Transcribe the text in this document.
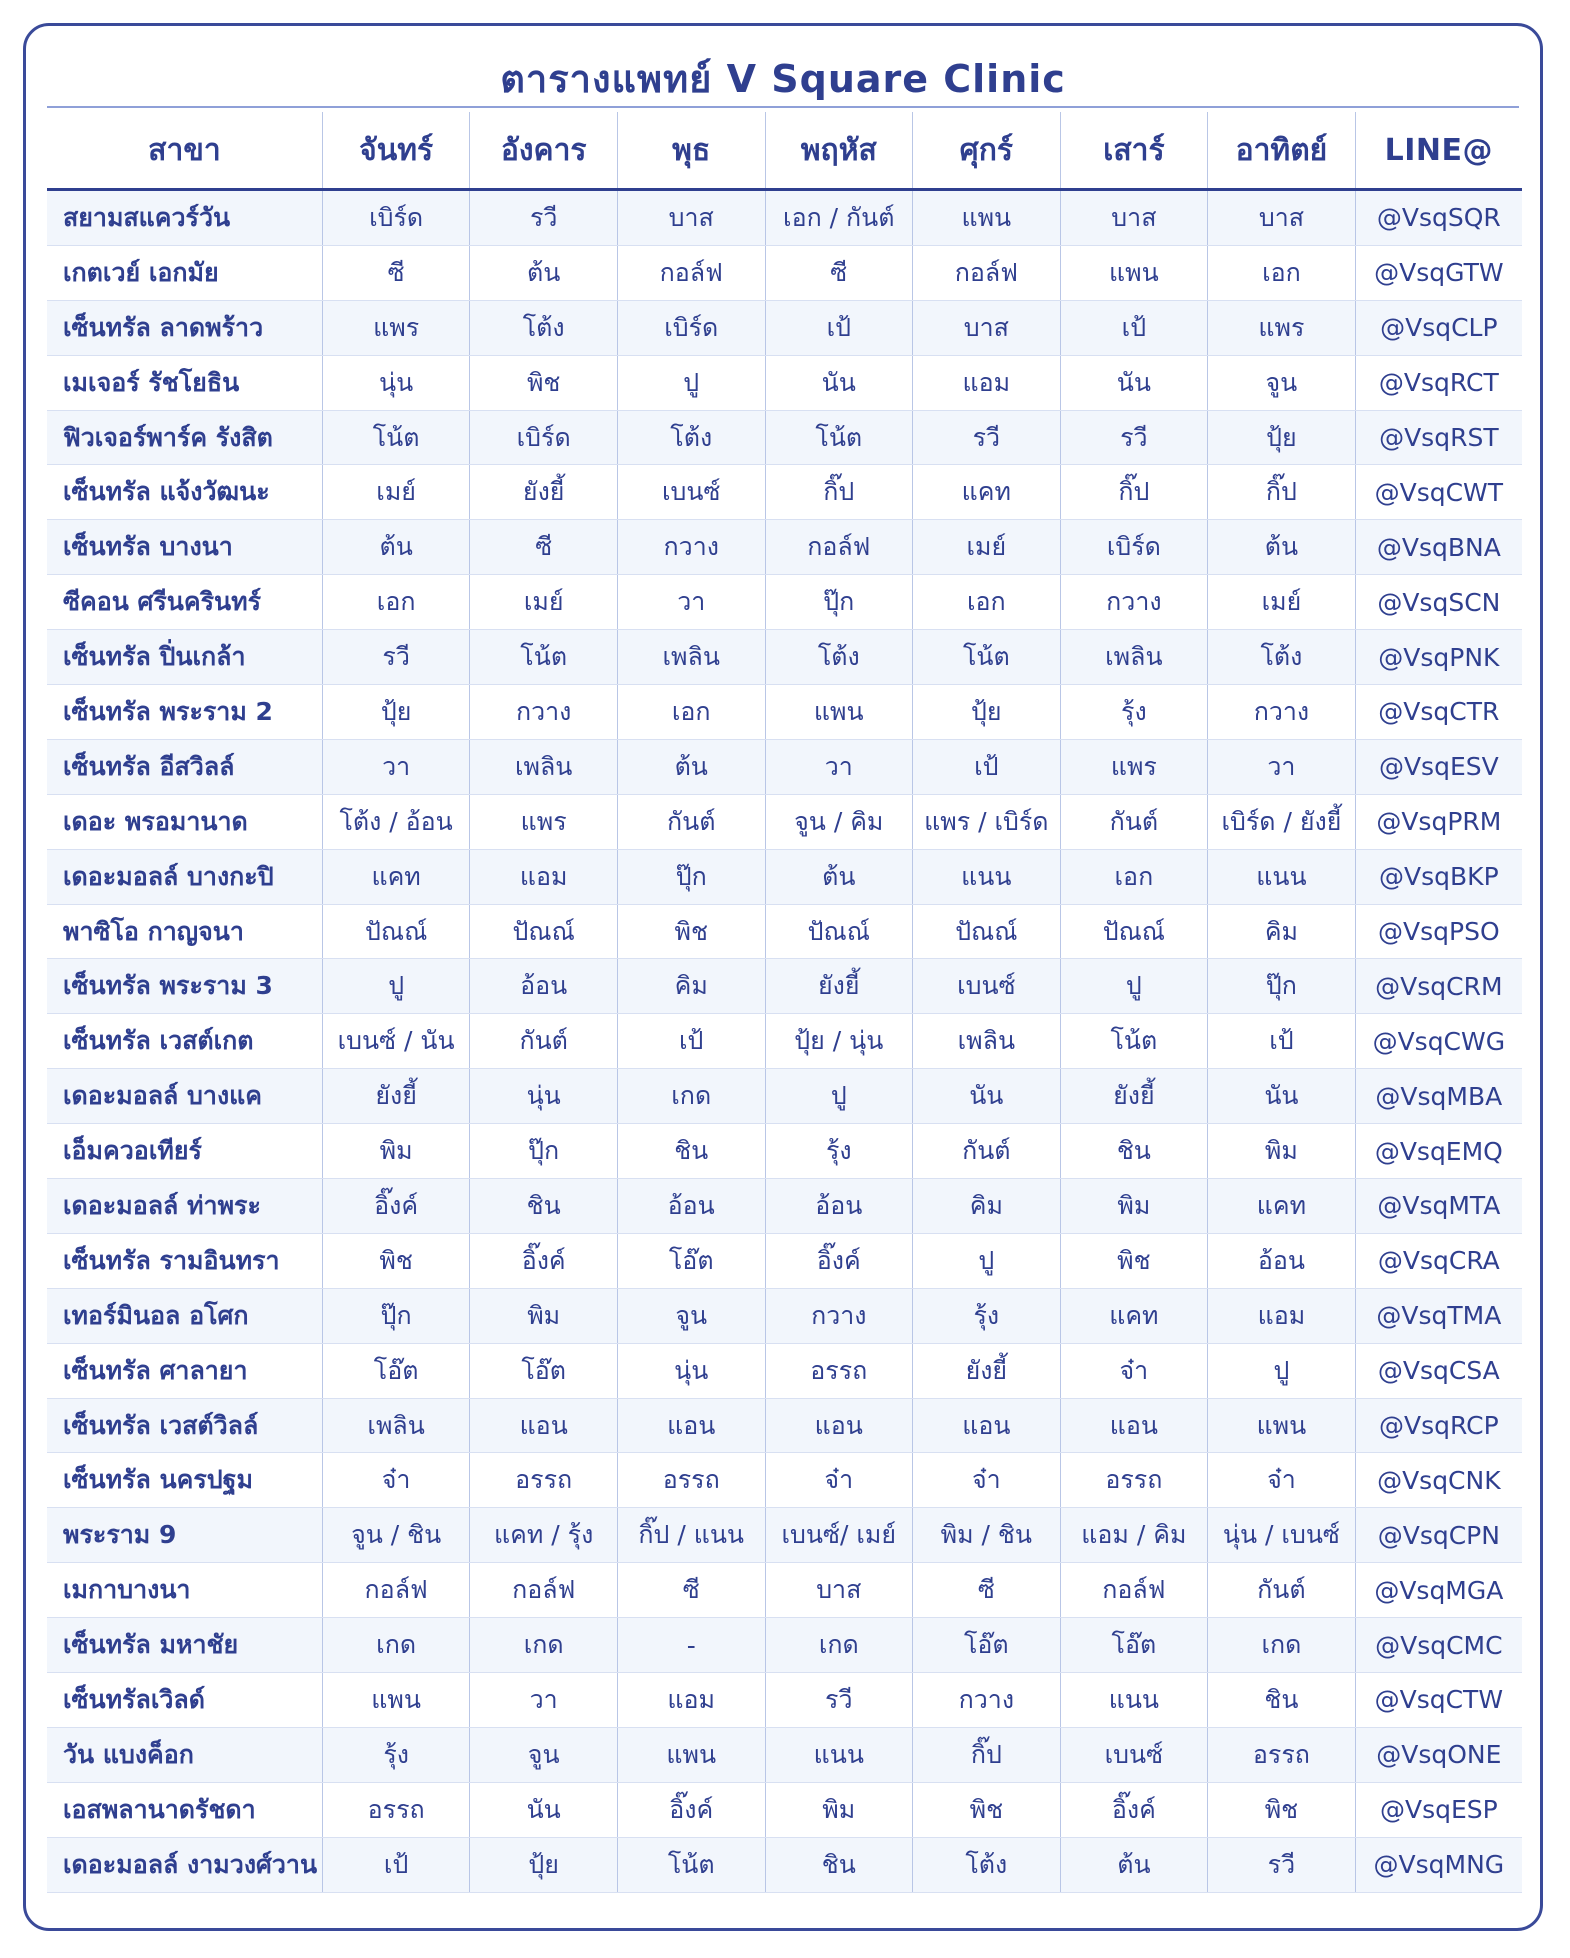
ตารางแพทย์ V Square Clinic
สาขา	จันทร์	อังคาร	พุธ	พฤหัส	ศุกร์	เสาร์	อาทิตย์	LINE@
สยามสแควร์วัน	เบิร์ด	รวี	บาส	เอก / กันต์	แพน	บาส	บาส	@VsqSQR
เกตเวย์ เอกมัย	ซี	ต้น	กอล์ฟ	ซี	กอล์ฟ	แพน	เอก	@VsqGTW
เซ็นทรัล ลาดพร้าว	แพร	โต้ง	เบิร์ด	เป้	บาส	เป้	แพร	@VsqCLP
เมเจอร์ รัชโยธิน	นุ่น	พิช	ปู	นัน	แอม	นัน	จูน	@VsqRCT
ฟิวเจอร์พาร์ค รังสิต	โน้ต	เบิร์ด	โต้ง	โน้ต	รวี	รวี	ปุ้ย	@VsqRST
เซ็นทรัล แจ้งวัฒนะ	เมย์	ยังยี้	เบนซ์	กิ๊ป	แคท	กิ๊ป	กิ๊ป	@VsqCWT
เซ็นทรัล บางนา	ต้น	ซี	กวาง	กอล์ฟ	เมย์	เบิร์ด	ต้น	@VsqBNA
ซีคอน ศรีนครินทร์	เอก	เมย์	วา	ปุ๊ก	เอก	กวาง	เมย์	@VsqSCN
เซ็นทรัล ปิ่นเกล้า	รวี	โน้ต	เพลิน	โต้ง	โน้ต	เพลิน	โต้ง	@VsqPNK
เซ็นทรัล พระราม 2	ปุ้ย	กวาง	เอก	แพน	ปุ้ย	รุ้ง	กวาง	@VsqCTR
เซ็นทรัล อีสวิลล์	วา	เพลิน	ต้น	วา	เป้	แพร	วา	@VsqESV
เดอะ พรอมานาด	โต้ง / อ้อน	แพร	กันต์	จูน / คิม	แพร / เบิร์ด	กันต์	เบิร์ด / ยังยี้	@VsqPRM
เดอะมอลล์ บางกะปิ	แคท	แอม	ปุ๊ก	ต้น	แนน	เอก	แนน	@VsqBKP
พาซิโอ กาญจนา	ปัณณ์	ปัณณ์	พิช	ปัณณ์	ปัณณ์	ปัณณ์	คิม	@VsqPSO
เซ็นทรัล พระราม 3	ปู	อ้อน	คิม	ยังยี้	เบนซ์	ปู	ปุ๊ก	@VsqCRM
เซ็นทรัล เวสต์เกต	เบนซ์ / นัน	กันต์	เป้	ปุ้ย / นุ่น	เพลิน	โน้ต	เป้	@VsqCWG
เดอะมอลล์ บางแค	ยังยี้	นุ่น	เกด	ปู	นัน	ยังยี้	นัน	@VsqMBA
เอ็มควอเทียร์	พิม	ปุ๊ก	ชิน	รุ้ง	กันต์	ชิน	พิม	@VsqEMQ
เดอะมอลล์ ท่าพระ	อิ๊งค์	ชิน	อ้อน	อ้อน	คิม	พิม	แคท	@VsqMTA
เซ็นทรัล รามอินทรา	พิช	อิ๊งค์	โอ๊ต	อิ๊งค์	ปู	พิช	อ้อน	@VsqCRA
เทอร์มินอล อโศก	ปุ๊ก	พิม	จูน	กวาง	รุ้ง	แคท	แอม	@VsqTMA
เซ็นทรัล ศาลายา	โอ๊ต	โอ๊ต	นุ่น	อรรถ	ยังยี้	จ๋า	ปู	@VsqCSA
เซ็นทรัล เวสต์วิลล์	เพลิน	แอน	แอน	แอน	แอน	แอน	แพน	@VsqRCP
เซ็นทรัล นครปฐม	จ๋า	อรรถ	อรรถ	จ๋า	จ๋า	อรรถ	จ๋า	@VsqCNK
พระราม 9	จูน / ชิน	แคท / รุ้ง	กิ๊ป / แนน	เบนซ์/ เมย์	พิม / ชิน	แอม / คิม	นุ่น / เบนซ์	@VsqCPN
เมกาบางนา	กอล์ฟ	กอล์ฟ	ซี	บาส	ซี	กอล์ฟ	กันต์	@VsqMGA
เซ็นทรัล มหาชัย	เกด	เกด	-	เกด	โอ๊ต	โอ๊ต	เกด	@VsqCMC
เซ็นทรัลเวิลด์	แพน	วา	แอม	รวี	กวาง	แนน	ชิน	@VsqCTW
วัน แบงค็อก	รุ้ง	จูน	แพน	แนน	กิ๊ป	เบนซ์	อรรถ	@VsqONE
เอสพลานาดรัชดา	อรรถ	นัน	อิ๊งค์	พิม	พิช	อิ๊งค์	พิช	@VsqESP
เดอะมอลล์ งามวงศ์วาน	เป้	ปุ้ย	โน้ต	ชิน	โต้ง	ต้น	รวี	@VsqMNG
